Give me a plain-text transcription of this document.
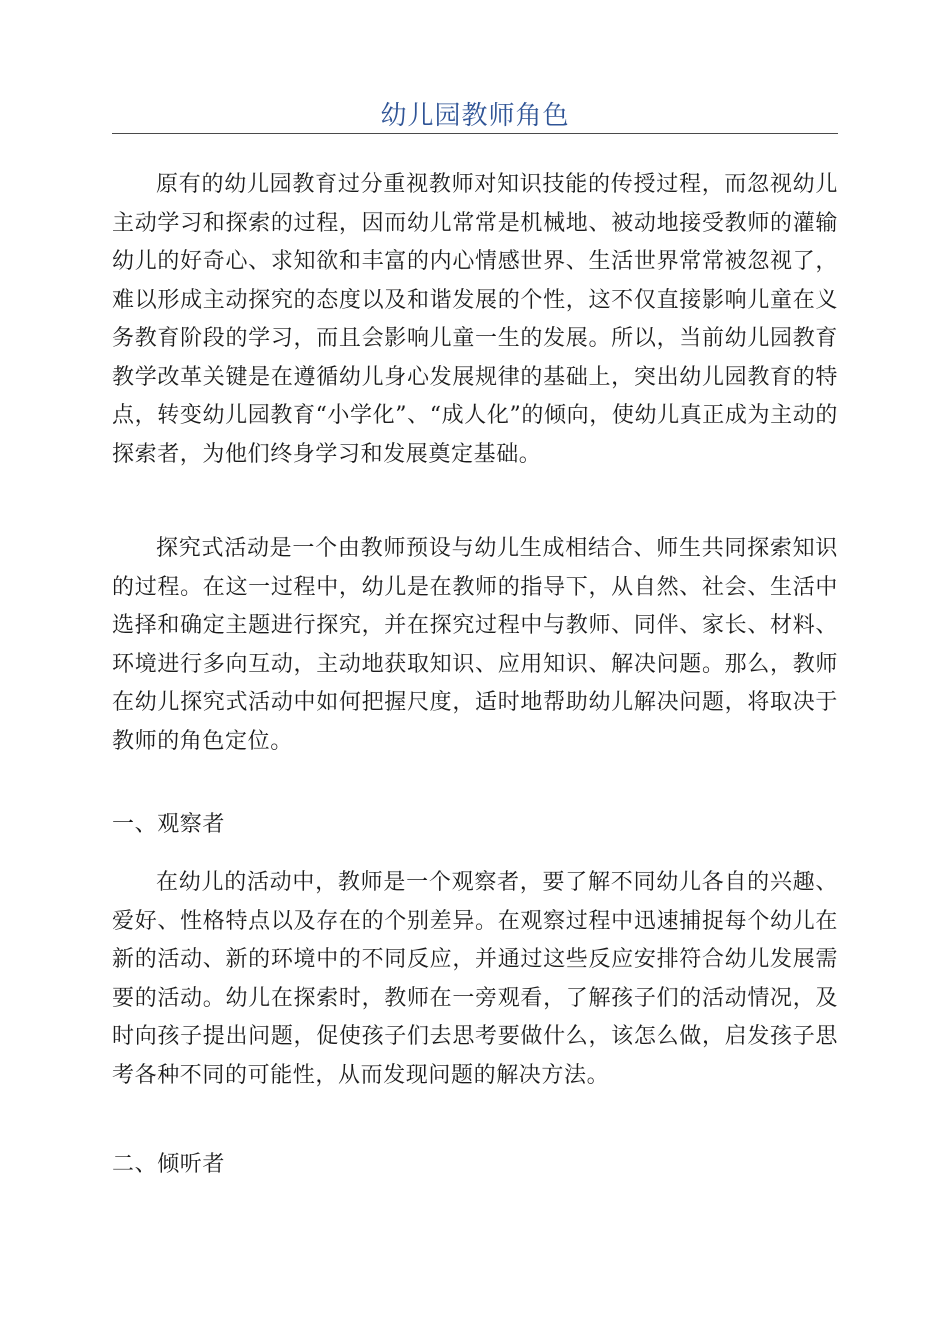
幼儿园教师角色

原有的幼儿园教育过分重视教师对知识技能的传授过程，而忽视幼儿主动学习和探索的过程，因而幼儿常常是机械地、被动地接受教师的灌输幼儿的好奇心、求知欲和丰富的内心情感世界、生活世界常常被忽视了，难以形成主动探究的态度以及和谐发展的个性，这不仅直接影响儿童在义务教育阶段的学习，而且会影响儿童一生的发展。所以，当前幼儿园教育教学改革关键是在遵循幼儿身心发展规律的基础上，突出幼儿园教育的特点，转变幼儿园教育“小学化”、“成人化”的倾向，使幼儿真正成为主动的探索者，为他们终身学习和发展奠定基础。

探究式活动是一个由教师预设与幼儿生成相结合、师生共同探索知识的过程。在这一过程中，幼儿是在教师的指导下，从自然、社会、生活中选择和确定主题进行探究，并在探究过程中与教师、同伴、家长、材料、环境进行多向互动，主动地获取知识、应用知识、解决问题。那么，教师在幼儿探究式活动中如何把握尺度，适时地帮助幼儿解决问题，将取决于教师的角色定位。

一、观察者

在幼儿的活动中，教师是一个观察者，要了解不同幼儿各自的兴趣、爱好、性格特点以及存在的个别差异。在观察过程中迅速捕捉每个幼儿在新的活动、新的环境中的不同反应，并通过这些反应安排符合幼儿发展需要的活动。幼儿在探索时，教师在一旁观看，了解孩子们的活动情况，及时向孩子提出问题，促使孩子们去思考要做什么，该怎么做，启发孩子思考各种不同的可能性，从而发现问题的解决方法。

二、倾听者
